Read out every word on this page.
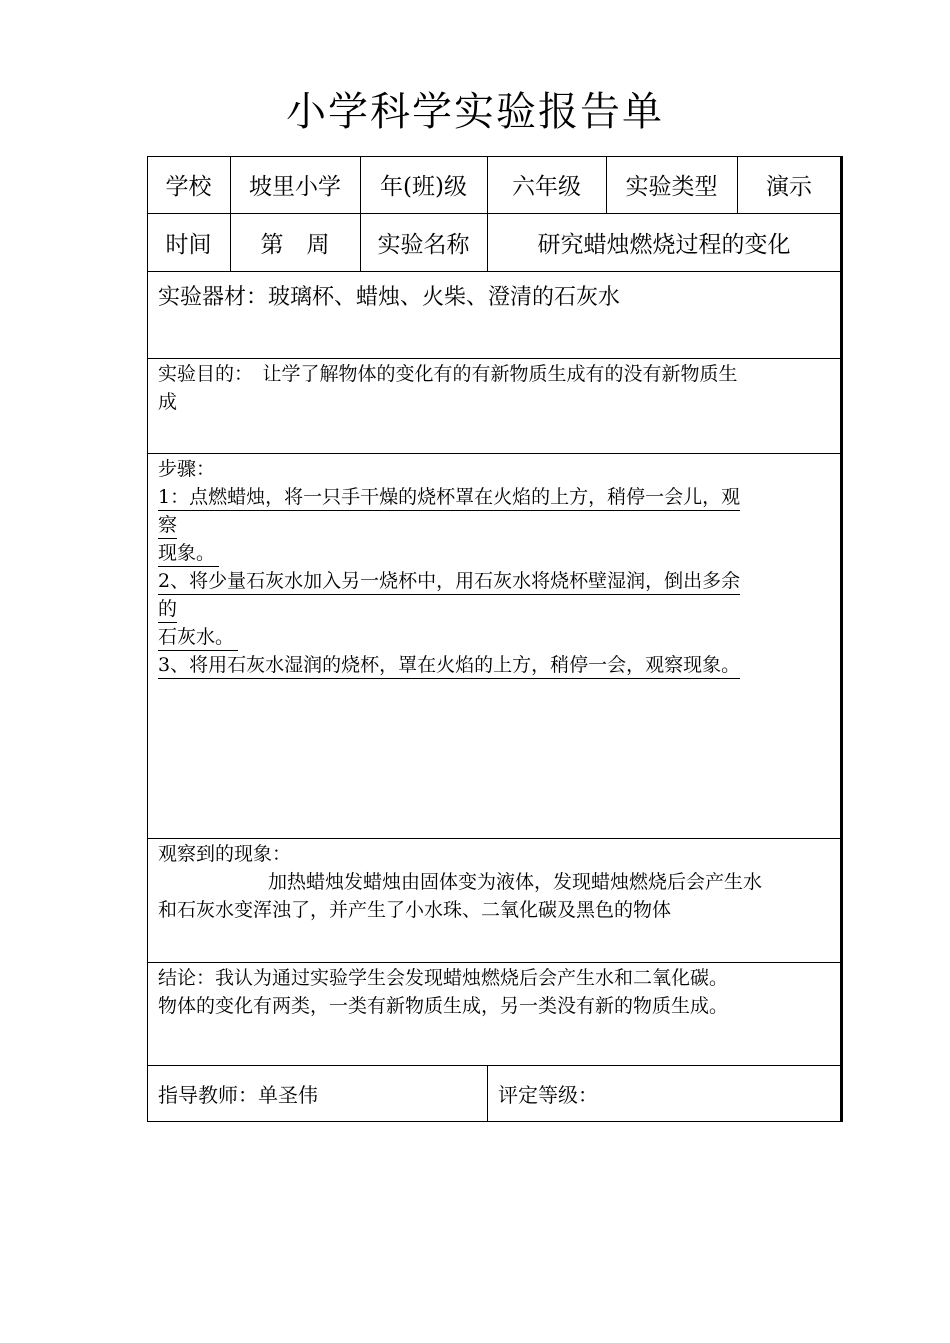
小学科学实验报告单
学校	坡里小学	年(班)级	六年级	实验类型	演示
时间	第　周	实验名称	研究蜡烛燃烧过程的变化
实验器材：玻璃杯、蜡烛、火柴、澄清的石灰水
实验目的：　让学了解物体的变化有的有新物质生成有的没有新物质生
成
步骤：
1：点燃蜡烛，将一只手干燥的烧杯罩在火焰的上方，稍停一会儿，观
察
现象。
2、将少量石灰水加入另一烧杯中，用石灰水将烧杯壁湿润，倒出多余
的
石灰水。
3、将用石灰水湿润的烧杯，罩在火焰的上方，稍停一会，观察现象。
观察到的现象：
加热蜡烛发蜡烛由固体变为液体，发现蜡烛燃烧后会产生水
和石灰水变浑浊了，并产生了小水珠、二氧化碳及黑色的物体
结论：我认为通过实验学生会发现蜡烛燃烧后会产生水和二氧化碳。
物体的变化有两类，一类有新物质生成，另一类没有新的物质生成。
指导教师：单圣伟	评定等级：
